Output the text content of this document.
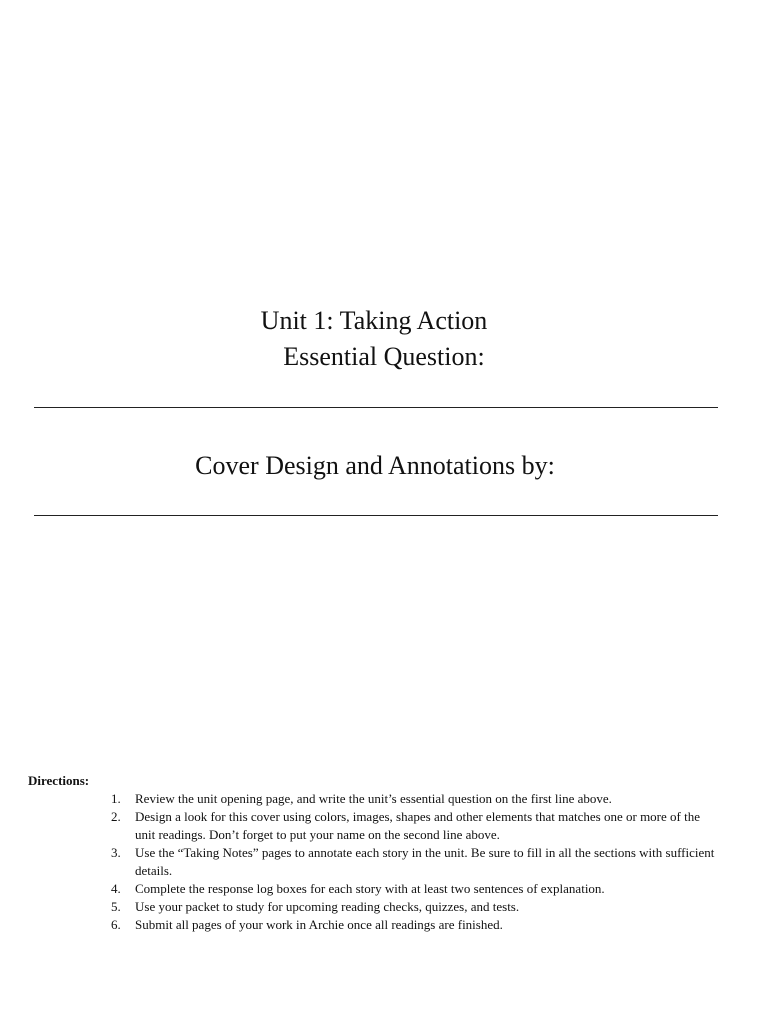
Unit 1: Taking Action
Essential Question:
Cover Design and Annotations by:
Directions:
1.	Review the unit opening page, and write the unit’s essential question on the first line above.
2.	Design a look for this cover using colors, images, shapes and other elements that matches one or more of the unit readings. Don’t forget to put your name on the second line above.
3.	Use the “Taking Notes” pages to annotate each story in the unit. Be sure to fill in all the sections with sufficient details.
4.	Complete the response log boxes for each story with at least two sentences of explanation.
5.	Use your packet to study for upcoming reading checks, quizzes, and tests.
6.	Submit all pages of your work in Archie once all readings are finished.
